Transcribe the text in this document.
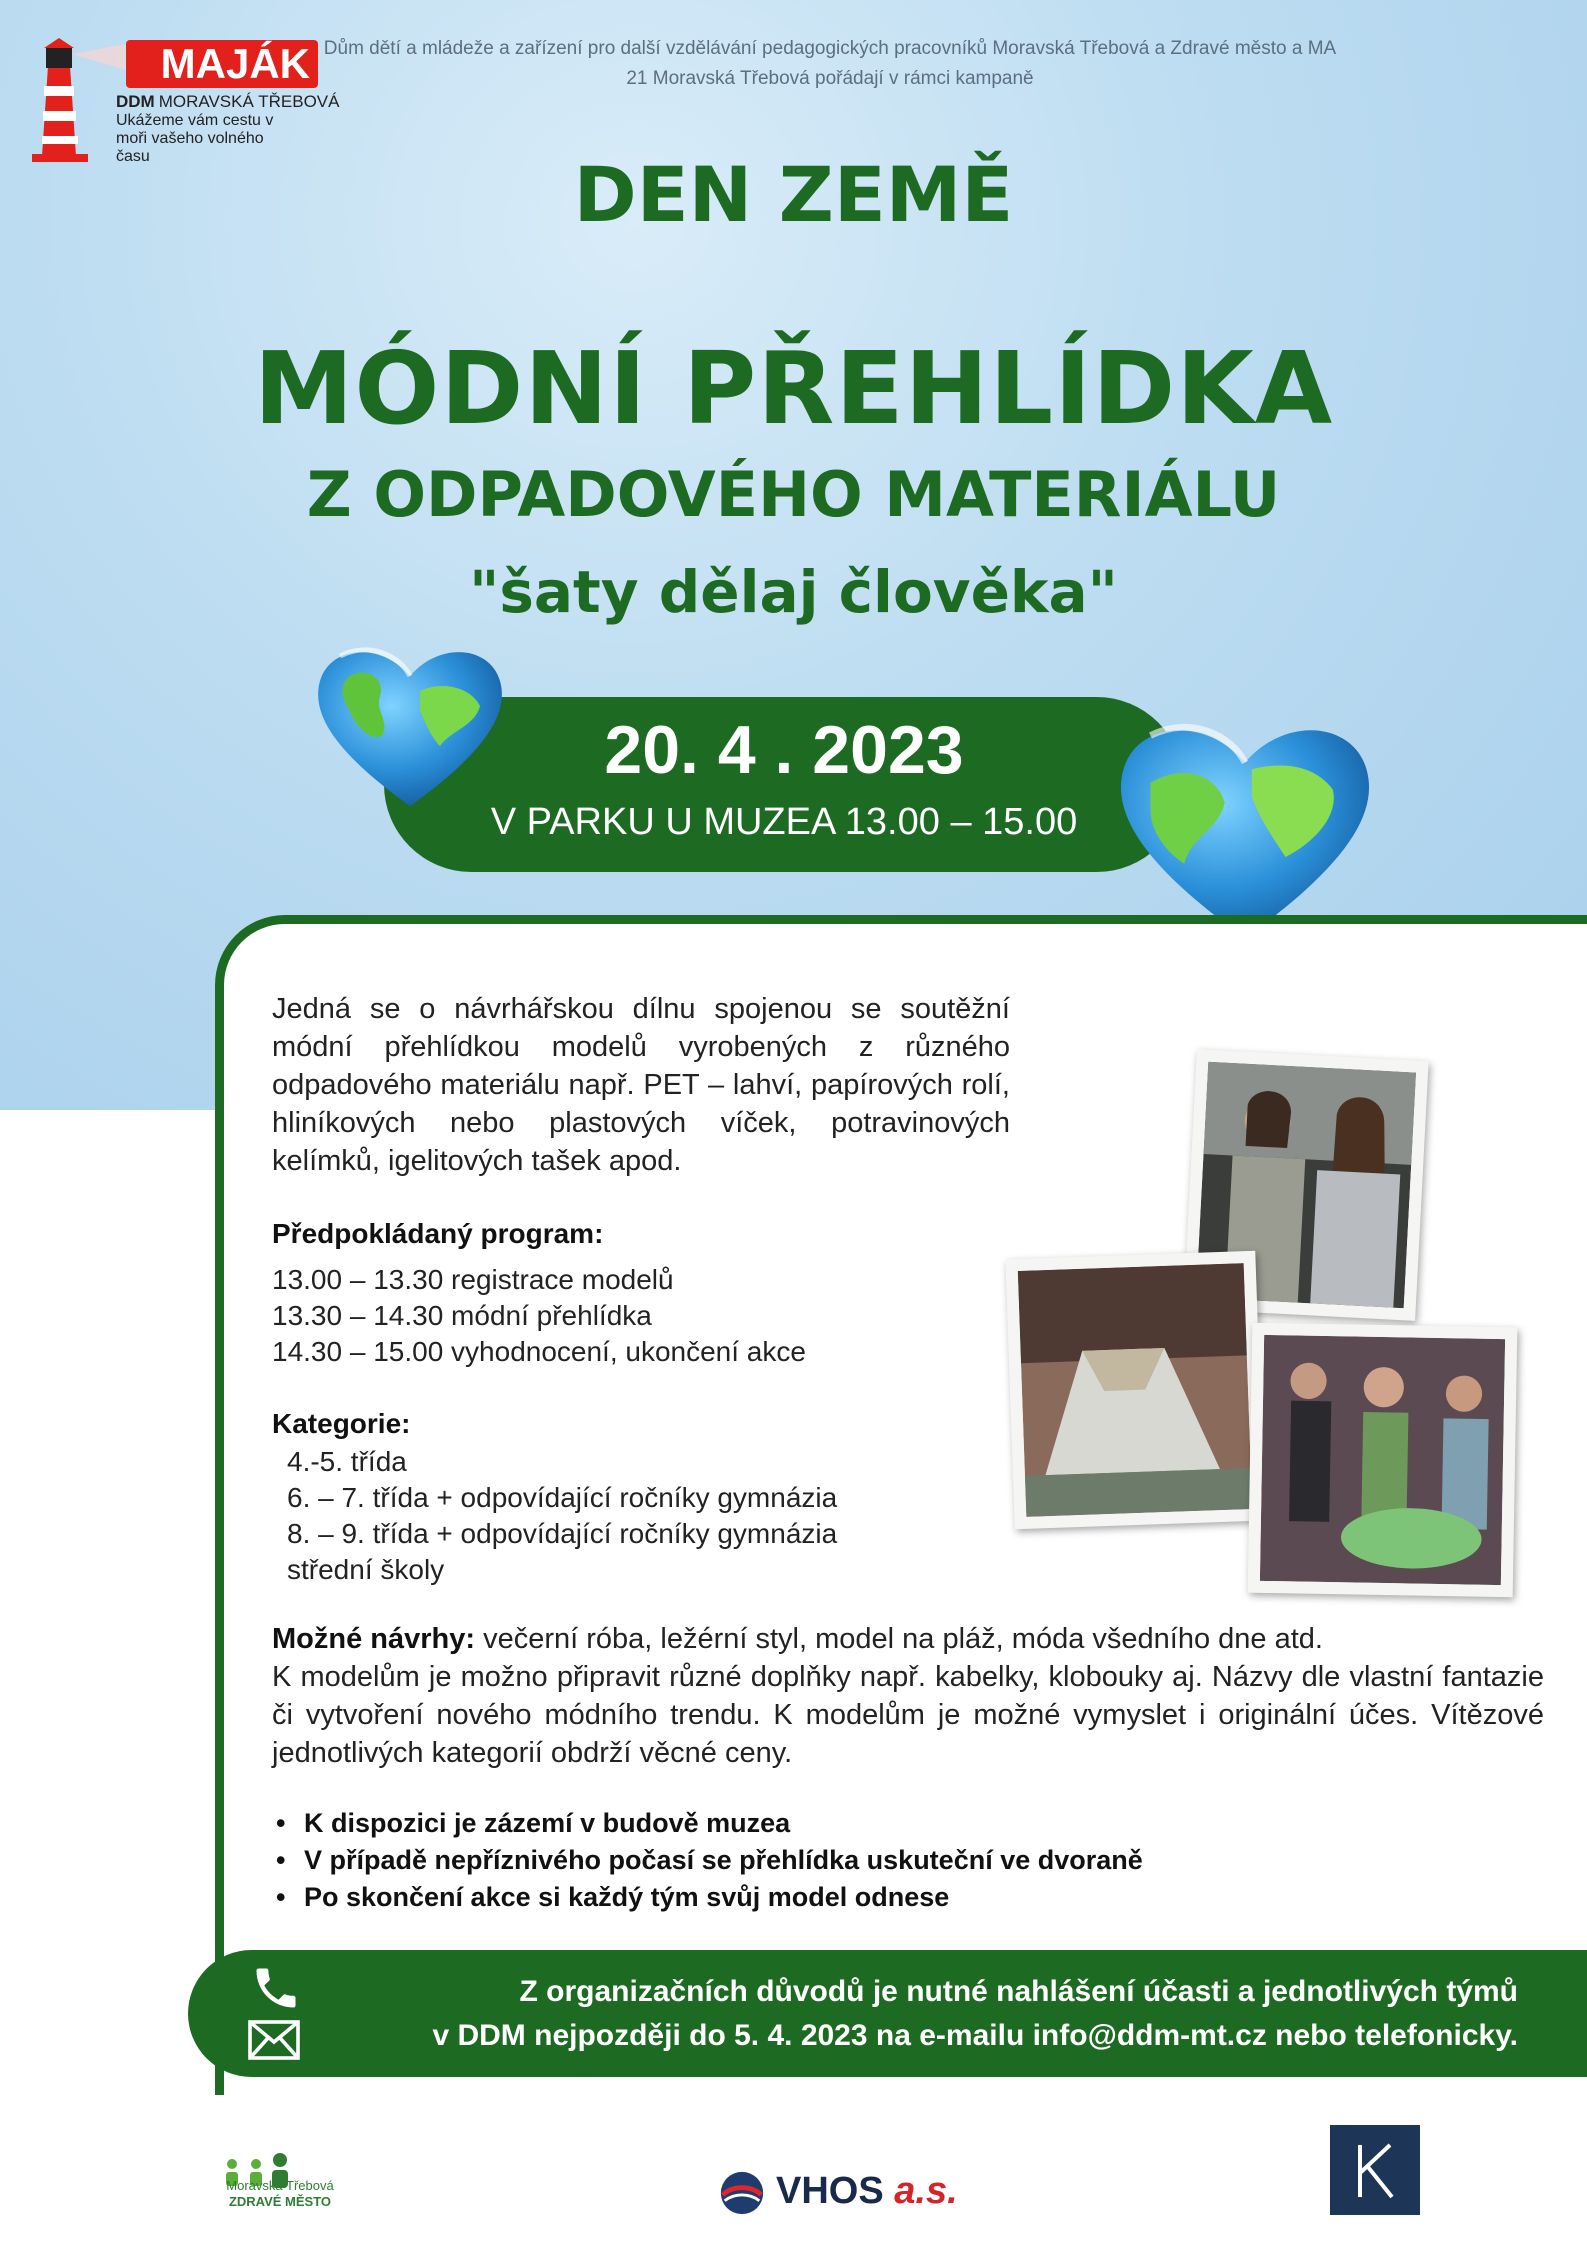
MAJÁK
DDM MORAVSKÁ TŘEBOVÁ
Ukážeme vám cestu v moři vašeho volného času
Dům dětí a mládeže a zařízení pro další vzdělávání pedagogických pracovníků Moravská Třebová a Zdravé město a MA 21 Moravská Třebová pořádají v rámci kampaně
DEN ZEMĚ
MÓDNÍ PŘEHLÍDKA
Z ODPADOVÉHO MATERIÁLU
"šaty dělaj člověka"
20. 4 . 2023
V PARKU U MUZEA 13.00 – 15.00
Jedná se o návrhářskou dílnu spojenou se soutěžní módní přehlídkou modelů vyrobených z různého odpadového materiálu např. PET – lahví, papírových rolí, hliníkových nebo plastových víček, potravinových kelímků, igelitových tašek apod.
Předpokládaný program:
13.00 – 13.30 registrace modelů
13.30 – 14.30 módní přehlídka
14.30 – 15.00 vyhodnocení, ukončení akce
Kategorie:
4.-5. třída
6. – 7. třída + odpovídající ročníky gymnázia
8. – 9. třída + odpovídající ročníky gymnázia
střední školy
Možné návrhy: večerní róba, ležérní styl, model na pláž, móda všedního dne atd.
K modelům je možno připravit různé doplňky např. kabelky, klobouky aj. Názvy dle vlastní fantazie či vytvoření nového módního trendu. K modelům je možné vymyslet i originální účes. Vítězové jednotlivých kategorií obdrží věcné ceny.
• K dispozici je zázemí v budově muzea
• V případě nepříznivého počasí se přehlídka uskuteční ve dvoraně
• Po skončení akce si každý tým svůj model odnese
Z organizačních důvodů je nutné nahlášení účasti a jednotlivých týmů
v DDM nejpozději do 5. 4. 2023 na e-mailu info@ddm-mt.cz nebo telefonicky.
Moravská Třebová
ZDRAVÉ MĚSTO	VHOS a.s.
